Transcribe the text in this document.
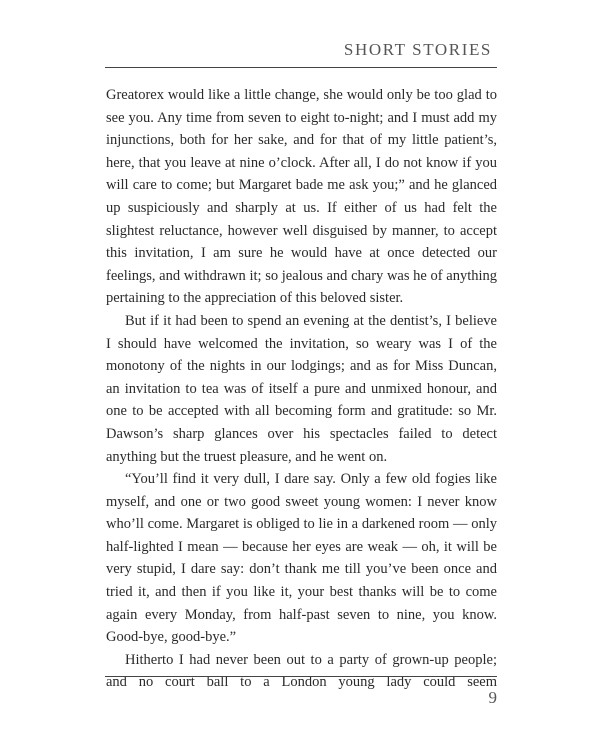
SHORT STORIES

Greatorex would like a little change, she would only be too glad to see you. Any time from seven to eight to-night; and I must add my injunctions, both for her sake, and for that of my little patient’s, here, that you leave at nine o’clock. After all, I do not know if you will care to come; but Margaret bade me ask you;” and he glanced up suspiciously and sharply at us. If either of us had felt the slightest reluctance, however well disguised by manner, to accept this invitation, I am sure he would have at once detected our feelings, and withdrawn it; so jealous and chary was he of anything pertaining to the appreciation of this beloved sister.

But if it had been to spend an evening at the dentist’s, I believe I should have welcomed the invitation, so weary was I of the monotony of the nights in our lodgings; and as for Miss Duncan, an invitation to tea was of itself a pure and unmixed honour, and one to be accepted with all becoming form and gratitude: so Mr. Dawson’s sharp glances over his spectacles failed to detect anything but the truest pleasure, and he went on.

“You’ll find it very dull, I dare say. Only a few old fogies like myself, and one or two good sweet young women: I never know who’ll come. Margaret is obliged to lie in a darkened room — only half-lighted I mean — because her eyes are weak — oh, it will be very stupid, I dare say: don’t thank me till you’ve been once and tried it, and then if you like it, your best thanks will be to come again every Monday, from half-past seven to nine, you know. Good-bye, good-bye.”

Hitherto I had never been out to a party of grown-up people; and no court ball to a London young lady could seem

9
